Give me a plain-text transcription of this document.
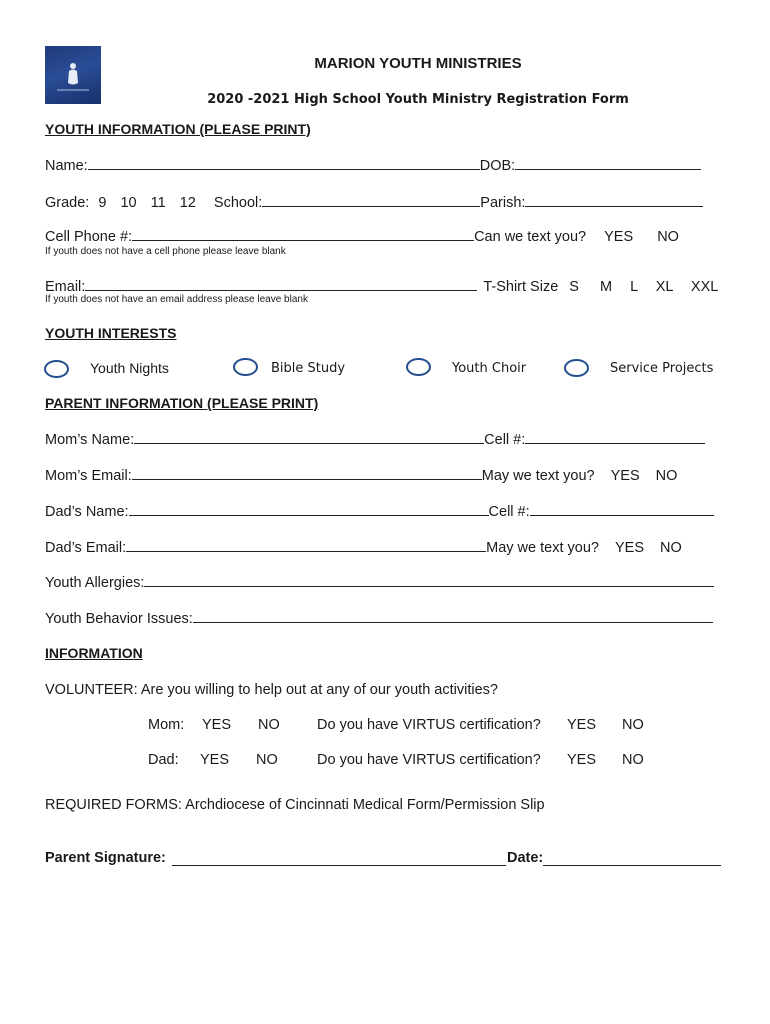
MARION YOUTH MINISTRIES
2020 -2021 High School Youth Ministry Registration Form
YOUTH INFORMATION (PLEASE PRINT)
Name:	DOB:
Grade: 9 10 11 12 School:	Parish:
Cell Phone #:	Can we text you? YES NO
If youth does not have a cell phone please leave blank
Email:	T-Shirt Size S M L XL XXL
If youth does not have an email address please leave blank
YOUTH INTERESTS
Youth Nights	Bible Study	Youth Choir	Service Projects
PARENT INFORMATION (PLEASE PRINT)
Mom’s Name:	Cell #:
Mom’s Email:	May we text you? YES NO
Dad’s Name:	Cell #:
Dad’s Email:	May we text you? YES NO
Youth Allergies:
Youth Behavior Issues:
INFORMATION
VOLUNTEER: Are you willing to help out at any of our youth activities?
Mom: YES NO	Do you have VIRTUS certification? YES NO
Dad: YES NO	Do you have VIRTUS certification? YES NO
REQUIRED FORMS: Archdiocese of Cincinnati Medical Form/Permission Slip
Parent Signature:	Date:
